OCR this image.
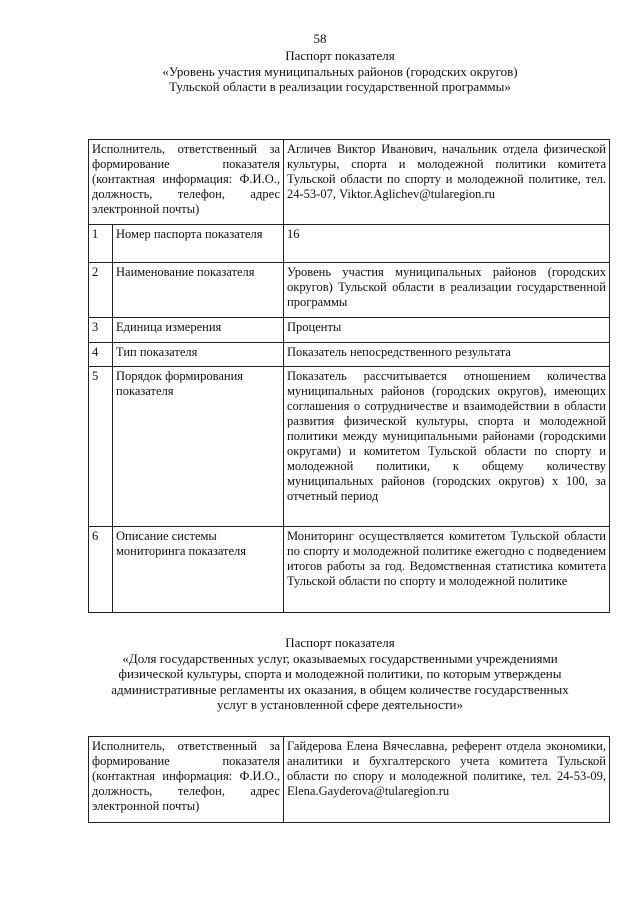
58
Паспорт показателя
«Уровень участия муниципальных районов (городских округов)
Тульской области в реализации государственной программы»
Исполнитель, ответственный за формирование показателя (контактная информация: Ф.И.О., должность, телефон, адрес электронной почты)		Агличев Виктор Иванович, начальник отдела физической культуры, спорта и молодежной политики комитета Тульской области по спорту и молодежной политике, тел. 24-53-07, Viktor.Aglichev@tularegion.ru
1	Номер паспорта показателя	16
2	Наименование показателя	Уровень участия муниципальных районов (городских округов) Тульской области в реализации государственной программы
3	Единица измерения	Проценты
4	Тип показателя	Показатель непосредственного результата
5	Порядок формирования показателя	Показатель рассчитывается отношением количества муниципальных районов (городских округов), имеющих соглашения о сотрудничестве и взаимодействии в области развития физической культуры, спорта и молодежной политики между муниципальными районами (городскими округами) и комитетом Тульской области по спорту и молодежной политики, к общему количеству муниципальных районов (городских округов) х 100, за отчетный период
6	Описание системы мониторинга показателя	Мониторинг осуществляется комитетом Тульской области по спорту и молодежной политике ежегодно с подведением итогов работы за год. Ведомственная статистика комитета Тульской области по спорту и молодежной политике
Паспорт показателя
«Доля государственных услуг, оказываемых государственными учреждениями
физической культуры, спорта и молодежной политики, по которым утверждены
административные регламенты их оказания, в общем количестве государственных
услуг в установленной сфере деятельности»
Исполнитель, ответственный за формирование показателя (контактная информация: Ф.И.О., должность, телефон, адрес электронной почты)	Гайдерова Елена Вячеславна, референт отдела экономики, аналитики и бухгалтерского учета комитета Тульской области по спору и молодежной политике, тел. 24-53-09, Elena.Gayderova@tularegion.ru
